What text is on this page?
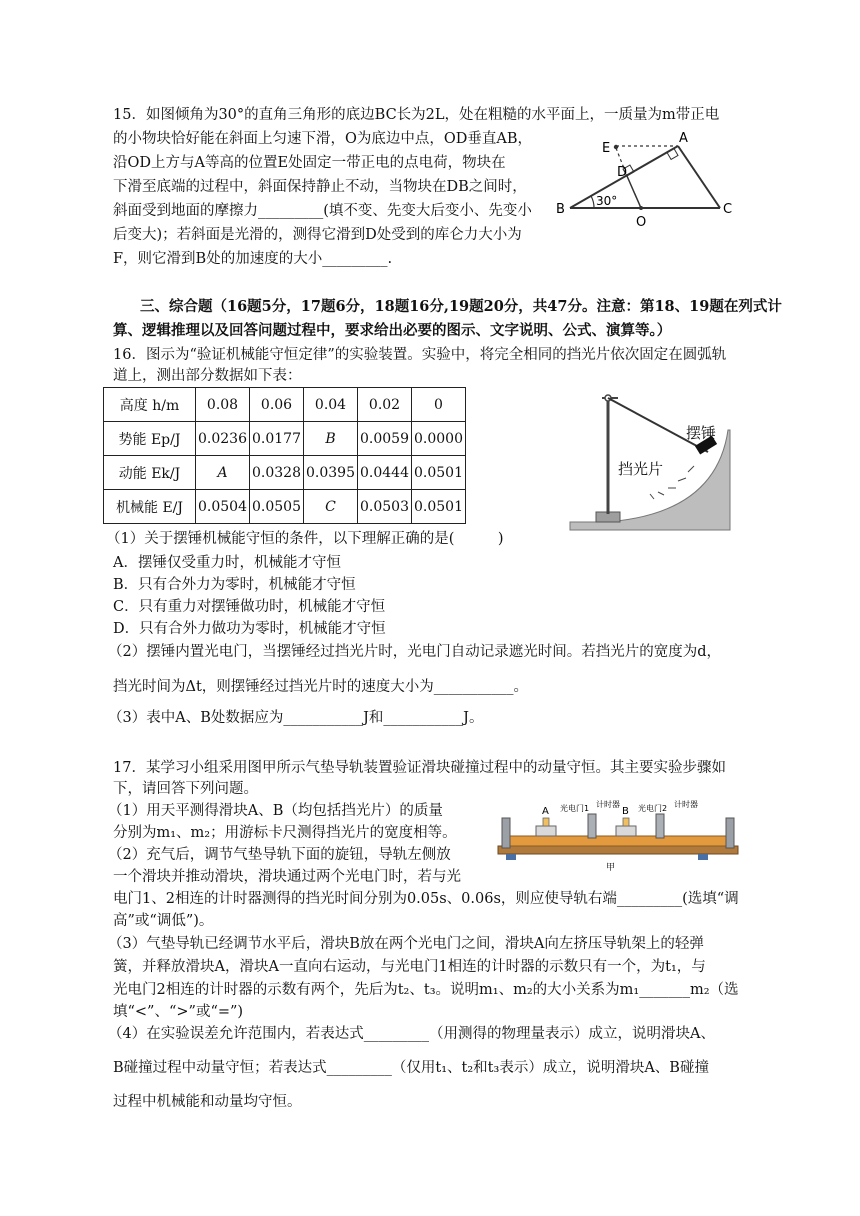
15．如图倾角为30°的直角三角形的底边BC长为2L，处在粗糙的水平面上，一质量为m带正电
的小物块恰好能在斜面上匀速下滑，O为底边中点，OD垂直AB，
沿OD上方与A等高的位置E处固定一带正电的点电荷，物块在
下滑至底端的过程中，斜面保持静止不动，当物块在DB之间时，
斜面受到地面的摩擦力_________(填不变、先变大后变小、先变小
后变大)；若斜面是光滑的，测得它滑到D处受到的库仑力大小为
F，则它滑到B处的加速度的大小_________.
E
A
D
B
O
C
30°
三、综合题（16题5分，17题6分，18题16分,19题20分，共47分。注意：第18、19题在列式计
算、逻辑推理以及回答问题过程中，要求给出必要的图示、文字说明、公式、演算等。）
16．图示为“验证机械能守恒定律”的实验装置。实验中，将完全相同的挡光片依次固定在圆弧轨
道上，测出部分数据如下表：
高度 h/m	0.08	0.06	0.04	0.02	0
势能 Ep/J	0.0236	0.0177	B	0.0059	0.0000
动能 Ek/J	A	0.0328	0.0395	0.0444	0.0501
机械能 E/J	0.0504	0.0505	C	0.0503	0.0501
摆锤
挡光片
（1）关于摆锤机械能守恒的条件，以下理解正确的是(　　　)
A．摆锤仅受重力时，机械能才守恒
B．只有合外力为零时，机械能才守恒
C．只有重力对摆锤做功时，机械能才守恒
D．只有合外力做功为零时，机械能才守恒
（2）摆锤内置光电门，当摆锤经过挡光片时，光电门自动记录遮光时间。若挡光片的宽度为d，
挡光时间为Δt，则摆锤经过挡光片时的速度大小为___________。
（3）表中A、B处数据应为___________J和___________J。
17．某学习小组采用图甲所示气垫导轨装置验证滑块碰撞过程中的动量守恒。其主要实验步骤如
下，请回答下列问题。
（1）用天平测得滑块A、B（均包括挡光片）的质量
分别为m₁、m₂；用游标卡尺测得挡光片的宽度相等。
（2）充气后，调节气垫导轨下面的旋钮，导轨左侧放
一个滑块并推动滑块，滑块通过两个光电门时，若与光
电门1、2相连的计时器测得的挡光时间分别为0.05s、0.06s，则应使导轨右端_________(选填“调
高”或“调低”)。
（3）气垫导轨已经调节水平后，滑块B放在两个光电门之间，滑块A向左挤压导轨架上的轻弹
簧，并释放滑块A，滑块A一直向右运动，与光电门1相连的计时器的示数只有一个，为t₁，与
光电门2相连的计时器的示数有两个，先后为t₂、t₃。说明m₁、m₂的大小关系为m₁_______m₂（选
填“<”、“>”或“=”)
（4）在实验误差允许范围内，若表达式_________（用测得的物理量表示）成立，说明滑块A、
B碰撞过程中动量守恒；若表达式_________（仅用t₁、t₂和t₃表示）成立，说明滑块A、B碰撞
过程中机械能和动量均守恒。
A	B
光电门1 计时器 光电门2 计时器
甲
